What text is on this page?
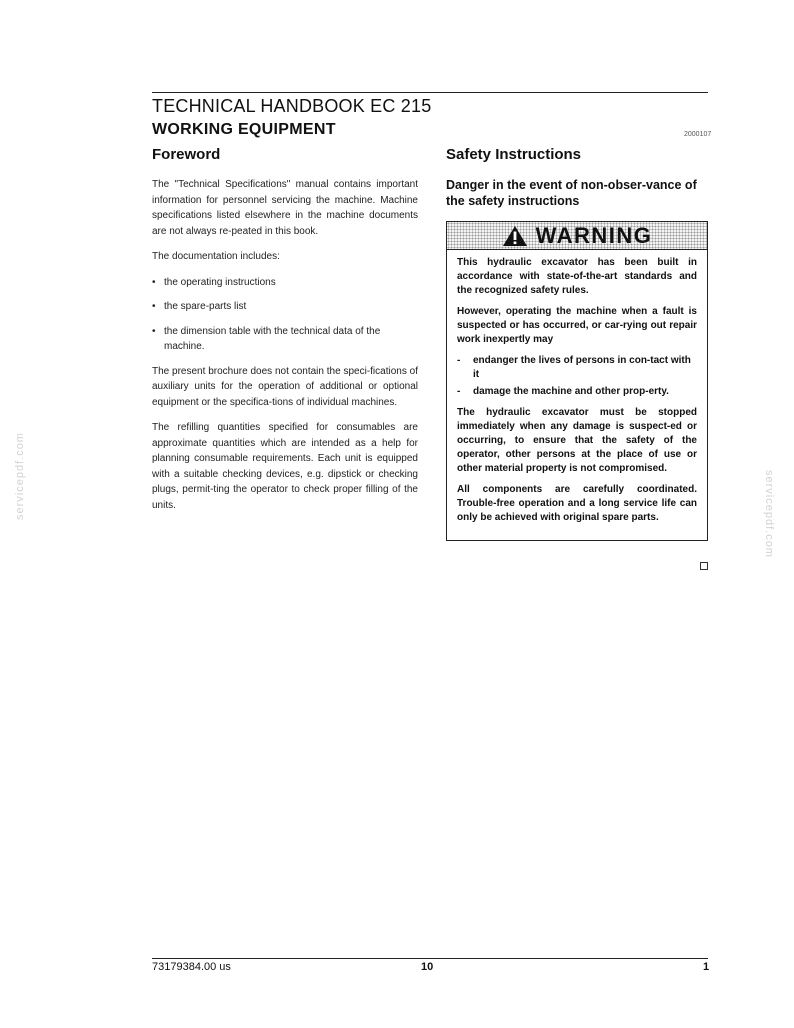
servicepdf.com	servicepdf.com
TECHNICAL HANDBOOK EC 215
WORKING EQUIPMENT	2000107
Foreword

The "Technical Specifications" manual contains important information for personnel servicing the machine. Machine specifications listed elsewhere in the machine documents are not always re-peated in this book.

The documentation includes:

• the operating instructions
• the spare-parts list
• the dimension table with the technical data of the machine.

The present brochure does not contain the speci-fications of auxiliary units for the operation of additional or optional equipment or the specifica-tions of individual machines.

The refilling quantities specified for consumables are approximate quantities which are intended as a help for planning consumable requirements. Each unit is equipped with a suitable checking devices, e.g. dipstick or checking plugs, permit-ting the operator to check proper filling of the units.

Safety Instructions
Danger in the event of non-obser-vance of the safety instructions
WARNING

This hydraulic excavator has been built in accordance with state-of-the-art standards and the recognized safety rules.

However, operating the machine when a fault is suspected or has occurred, or car-rying out repair work inexpertly may

- endanger the lives of persons in con-tact with it
- damage the machine and other prop-erty.

The hydraulic excavator must be stopped immediately when any damage is suspect-ed or occurring, to ensure that the safety of the operator, other persons at the place of use or other material property is not compromised.

All components are carefully coordinated. Trouble-free operation and a long service life can only be achieved with original spare parts.

73179384.00 us	10	1
